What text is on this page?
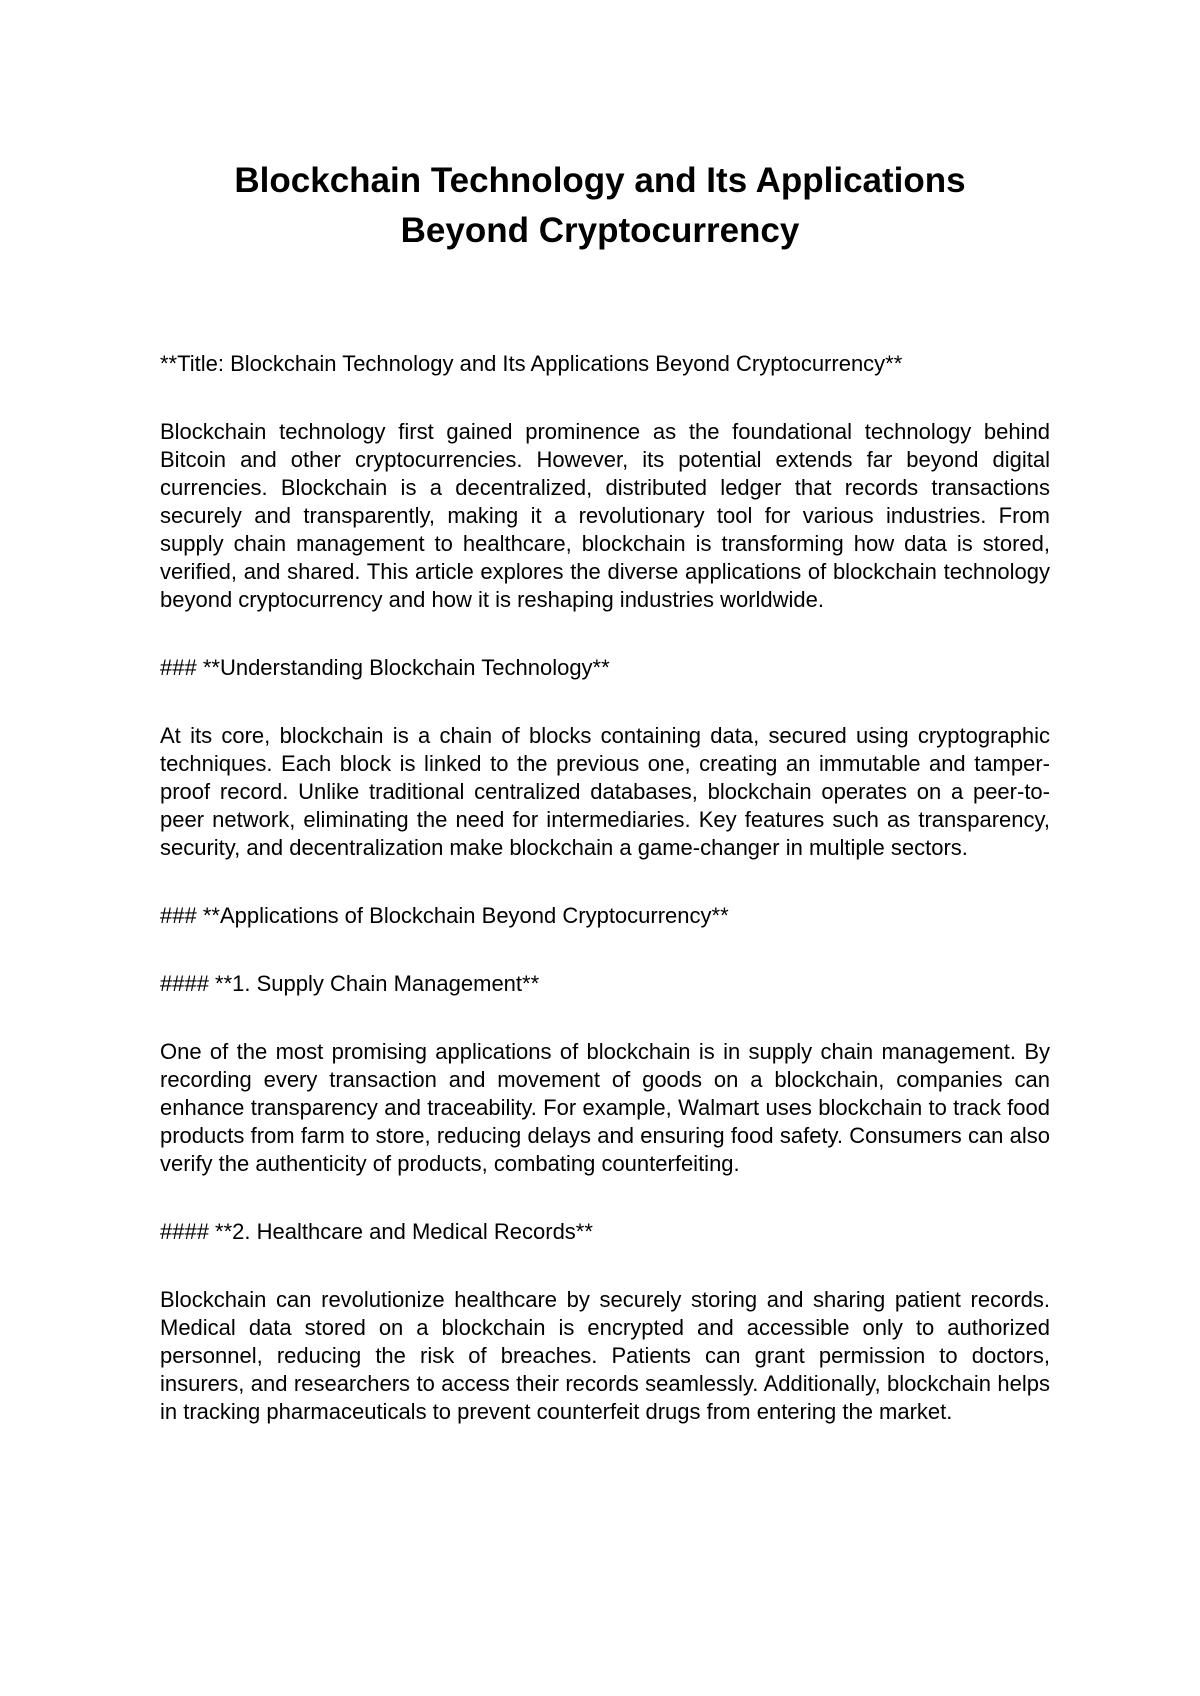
Blockchain Technology and Its Applications
Beyond Cryptocurrency

**Title: Blockchain Technology and Its Applications Beyond Cryptocurrency**

Blockchain technology first gained prominence as the foundational technology behind Bitcoin and other cryptocurrencies. However, its potential extends far beyond digital currencies. Blockchain is a decentralized, distributed ledger that records transactions securely and transparently, making it a revolutionary tool for various industries. From supply chain management to healthcare, blockchain is transforming how data is stored, verified, and shared. This article explores the diverse applications of blockchain technology beyond cryptocurrency and how it is reshaping industries worldwide.

### **Understanding Blockchain Technology**

At its core, blockchain is a chain of blocks containing data, secured using cryptographic techniques. Each block is linked to the previous one, creating an immutable and tamper-proof record. Unlike traditional centralized databases, blockchain operates on a peer-to-peer network, eliminating the need for intermediaries. Key features such as transparency, security, and decentralization make blockchain a game-changer in multiple sectors.

### **Applications of Blockchain Beyond Cryptocurrency**

#### **1. Supply Chain Management**

One of the most promising applications of blockchain is in supply chain management. By recording every transaction and movement of goods on a blockchain, companies can enhance transparency and traceability. For example, Walmart uses blockchain to track food products from farm to store, reducing delays and ensuring food safety. Consumers can also verify the authenticity of products, combating counterfeiting.

#### **2. Healthcare and Medical Records**

Blockchain can revolutionize healthcare by securely storing and sharing patient records. Medical data stored on a blockchain is encrypted and accessible only to authorized personnel, reducing the risk of breaches. Patients can grant permission to doctors, insurers, and researchers to access their records seamlessly. Additionally, blockchain helps in tracking pharmaceuticals to prevent counterfeit drugs from entering the market.
